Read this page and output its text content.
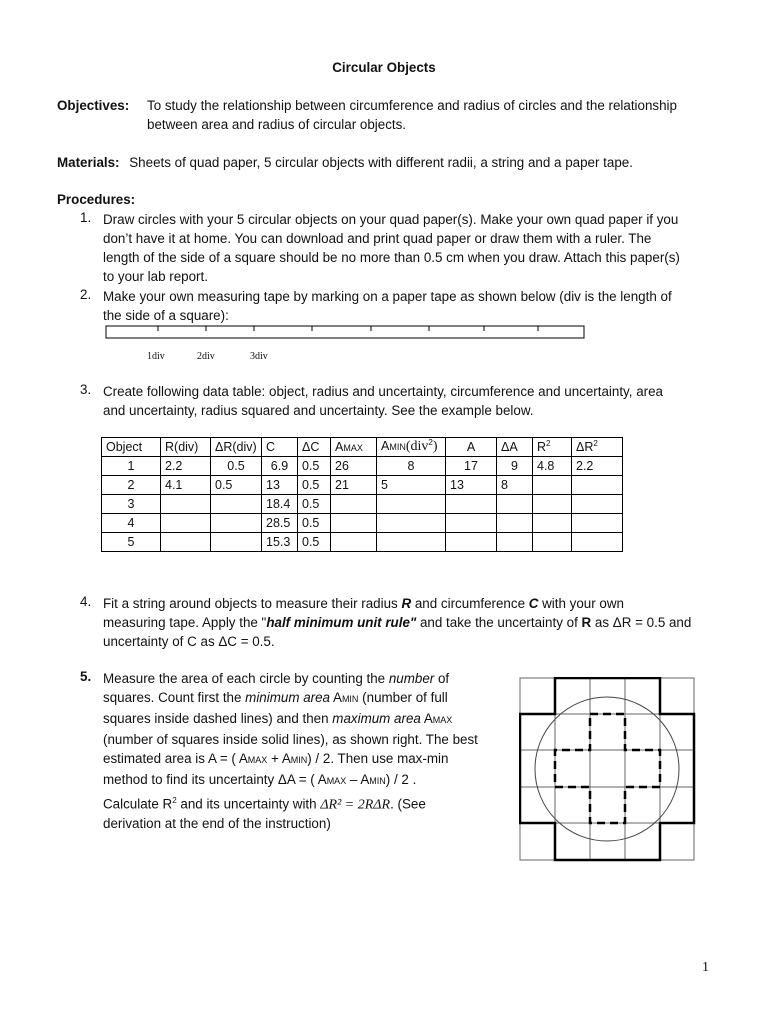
Circular Objects
Objectives: To study the relationship between circumference and radius of circles and the relationship
between area and radius of circular objects.
Materials: Sheets of quad paper, 5 circular objects with different radii, a string and a paper tape.
Procedures:
1. Draw circles with your 5 circular objects on your quad paper(s). Make your own quad paper if you
don’t have it at home. You can download and print quad paper or draw them with a ruler. The
length of the side of a square should be no more than 0.5 cm when you draw. Attach this paper(s)
to your lab report.
2. Make your own measuring tape by marking on a paper tape as shown below (div is the length of
the side of a square):
1div	2div	3div
3. Create following data table: object, radius and uncertainty, circumference and uncertainty, area
and uncertainty, radius squared and uncertainty. See the example below.
Object	R(div)	ΔR(div)	C	ΔC	AMAX	AMIN(div$^2$)	A	ΔA	$R^2$	$\Delta R^2$
1	2.2	0.5	6.9	0.5	26	8	17	9	4.8	2.2
2	4.1	0.5	13	0.5	21	5	13	8		
3			18.4	0.5						
4			28.5	0.5						
5			15.3	0.5						
4. Fit a string around objects to measure their radius R and circumference C with your own
measuring tape. Apply the "half minimum unit rule" and take the uncertainty of R as ΔR = 0.5 and
uncertainty of C as ΔC = 0.5.
5. Measure the area of each circle by counting the number of
squares. Count first the minimum area AMIN (number of full
squares inside dashed lines) and then maximum area AMAX
(number of squares inside solid lines), as shown right. The best
estimated area is A = ( AMAX + AMIN) / 2. Then use max-min
method to find its uncertainty ΔA = ( AMAX – AMIN) / 2 .
Calculate $R^2$ and its uncertainty with ΔR² = 2RΔR. (See
derivation at the end of the instruction)
1
